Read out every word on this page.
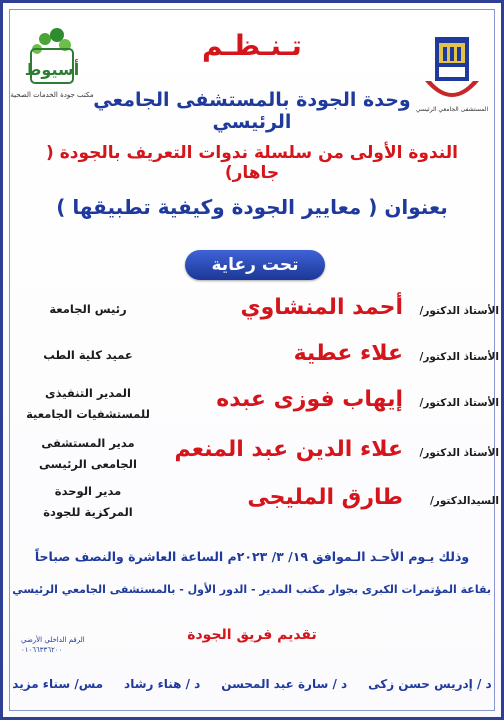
أسيوط
مكتب جودة الخدمات الصحية
المستشفى الجامعي الرئيسي
تـنـظـم
وحدة الجودة بالمستشفى الجامعي الرئيسي
الندوة الأولى من سلسلة ندوات التعريف بالجودة ( جاهار)
بعنوان ( معايير الجودة وكيفية تطبيقها )
تحت رعاية
الأستاذ الدكتور/
أحمد المنشاوي
رئيس الجامعة
الأستاذ الدكتور/
علاء عطية
عميد كلية الطب
الأستاذ الدكتور/
إيهاب فوزى عبده
المدير التنفيذى
للمستشفيات الجامعية
الأستاذ الدكتور/
علاء الدين عبد المنعم
مدير المستشفى
الجامعى الرئيسى
السيدالدكتور/
طارق المليجى
مدير الوحدة
المركزية للجودة
وذلك يـوم الأحـد الـموافق ١٩/ ٣/ ٢٠٢٣م الساعة العاشرة والنصف صباحاً
بقاعة المؤتمرات الكبرى بجوار مكتب المدير - الدور الأول - بالمستشفى الجامعي الرئيسي
الرقم الداخلي الأرضي
٠١٠٦٦٣٣٦٢٠٠
تقديم فريق الجودة
د / إدريس حسن زكى     د / سارة عبد المحسن     د / هناء رشاد     مس/ سناء مزيد
